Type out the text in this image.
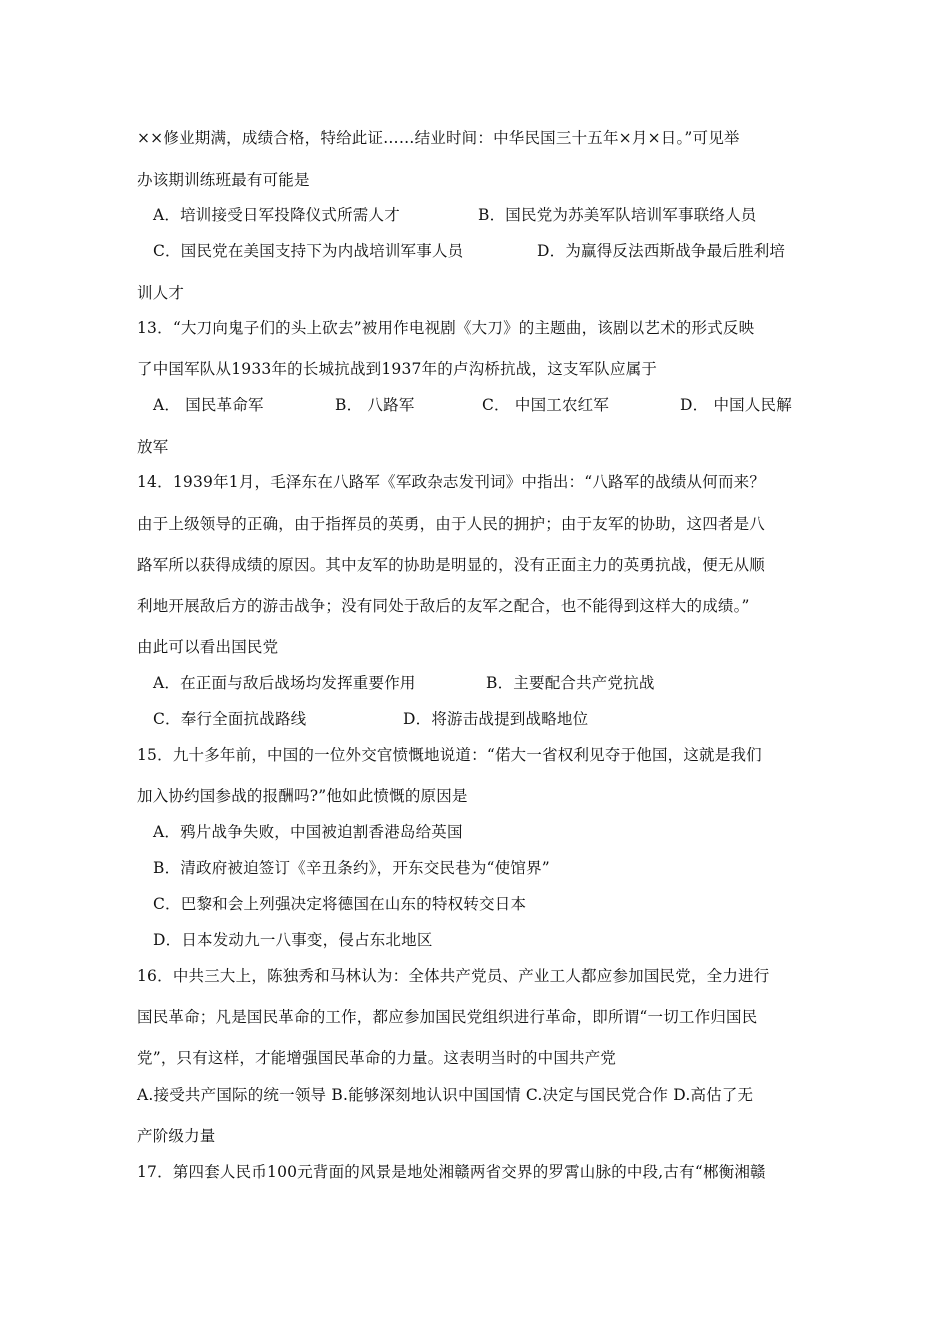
××修业期满，成绩合格，特给此证……结业时间：中华民国三十五年×月×日。”可见举
办该期训练班最有可能是
A．培训接受日军投降仪式所需人才	B．国民党为苏美军队培训军事联络人员
C．国民党在美国支持下为内战培训军事人员	D．为赢得反法西斯战争最后胜利培
训人才
13．“大刀向鬼子们的头上砍去”被用作电视剧《大刀》的主题曲，该剧以艺术的形式反映
了中国军队从1933年的长城抗战到1937年的卢沟桥抗战，这支军队应属于
A． 国民革命军	B． 八路军	C． 中国工农红军	D． 中国人民解
放军
14．1939年1月，毛泽东在八路军《军政杂志发刊词》中指出：“八路军的战绩从何而来？
由于上级领导的正确，由于指挥员的英勇，由于人民的拥护；由于友军的协助，这四者是八
路军所以获得成绩的原因。其中友军的协助是明显的，没有正面主力的英勇抗战，便无从顺
利地开展敌后方的游击战争；没有同处于敌后的友军之配合，也不能得到这样大的成绩。”
由此可以看出国民党
A．在正面与敌后战场均发挥重要作用	B．主要配合共产党抗战
C．奉行全面抗战路线	D．将游击战提到战略地位
15．九十多年前，中国的一位外交官愤慨地说道：“偌大一省权利见夺于他国，这就是我们
加入协约国参战的报酬吗?”他如此愤慨的原因是
A．鸦片战争失败，中国被迫割香港岛给英国
B．清政府被迫签订《辛丑条约》，开东交民巷为“使馆界”
C．巴黎和会上列强决定将德国在山东的特权转交日本
D．日本发动九一八事变，侵占东北地区
16．中共三大上，陈独秀和马林认为：全体共产党员、产业工人都应参加国民党，全力进行
国民革命；凡是国民革命的工作，都应参加国民党组织进行革命，即所谓“一切工作归国民
党”，只有这样，才能增强国民革命的力量。这表明当时的中国共产党
A.接受共产国际的统一领导 B.能够深刻地认识中国国情 C.决定与国民党合作 D.高估了无
产阶级力量
17．第四套人民币100元背面的风景是地处湘赣两省交界的罗霄山脉的中段,古有“郴衡湘赣
